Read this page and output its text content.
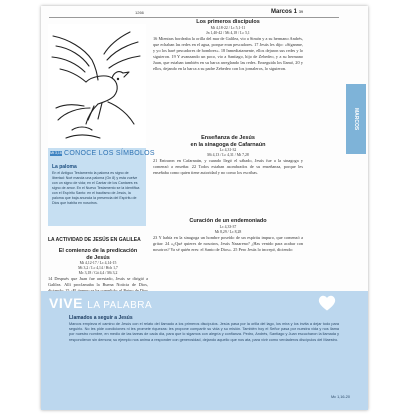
1266	Marcos 1 39
MARCOS
Mt 3,16 CONOCE LOS SÍMBOLOS
La paloma
En el Antiguo Testamento la paloma es signo de libertad: Noé manda una paloma (Gn 8) y esta vuelve con un signo de vida; en el Cantar de los Cantares es signo de amor. En el Nuevo Testamento se la identifica con el Espíritu Santo: en el bautismo de Jesús, la paloma que baja anuncia la presencia del Espíritu de Dios que habita en nosotros.
Los primeros discípulos
Mt 4,18-22 / Lc 5,1-11
Jn 1,40-42 / Mt 4,18 / Lc 5,1
16 Mientras bordeaba la orilla del mar de Galilea, vio a Simón y a su hermano Andrés, que echaban las redes en el agua, porque eran pescadores. 17 Jesús les dijo: «Síganme, y yo los haré pescadores de hombres». 18 Inmediatamente, ellos dejaron sus redes y lo siguieron. 19 Y avanzando un poco, vio a Santiago, hijo de Zebedeo, y a su hermano Juan, que estaban también en su barca arreglando las redes. Enseguida los llamó, 20 y ellos, dejando en la barca a su padre Zebedeo con los jornaleros, lo siguieron.
Enseñanza de Jesús
en la sinagoga de Cafarnaún
Lc 4,31-32
Mt 4,13 / Lc 4,31 / Mt 7,28
21 Entraron en Cafarnaún, y cuando llegó el sábado, Jesús fue a la sinagoga y comenzó a enseñar. 22 Todos estaban asombrados de su enseñanza, porque les enseñaba como quien tiene autoridad y no como los escribas.
Curación de un endemoniado
Lc 4,33-37
Mt 8,29 / Lc 8,28
23 Y había en la sinagoga un hombre poseído de un espíritu impuro, que comenzó a gritar: 24 «¿Qué quieres de nosotros, Jesús Nazareno? ¿Has venido para acabar con nosotros? Ya sé quién eres: el Santo de Dios». 25 Pero Jesús lo increpó, diciendo:
LA ACTIVIDAD DE JESÚS EN GALILEA
El comienzo de la predicación
de Jesús
Mt 4,12-17 / Lc 4,14-15
Mt 3,2 / Lc 4,14 / Hch 1,7
Mc 3,18 / Gá 4,4 / Mt 3,2
14 Después que Juan fue arrestado, Jesús se dirigió a Galilea. Allí proclamaba la Buena Noticia de Dios,
VIVE LA PALABRA
Llamados a seguir a Jesús
Marcos empieza el camino de Jesús con el relato del llamado a los primeros discípulos. Jesús pasa por la orilla del lago, los mira y los invita a dejar todo para seguirlo. No les pide condiciones ni les promete riquezas: les propone compartir su vida y su misión. También hoy el Señor pasa por nuestra vida y nos llama por nuestro nombre, en medio de las tareas de cada día, para que lo sigamos con alegría y confianza. Pedro, Andrés, Santiago y Juan escucharon la llamada y respondieron sin demora; su ejemplo nos anima a responder con generosidad, dejando aquello que nos ata, para vivir como verdaderos discípulos del Maestro.
Mc 1,16-20
